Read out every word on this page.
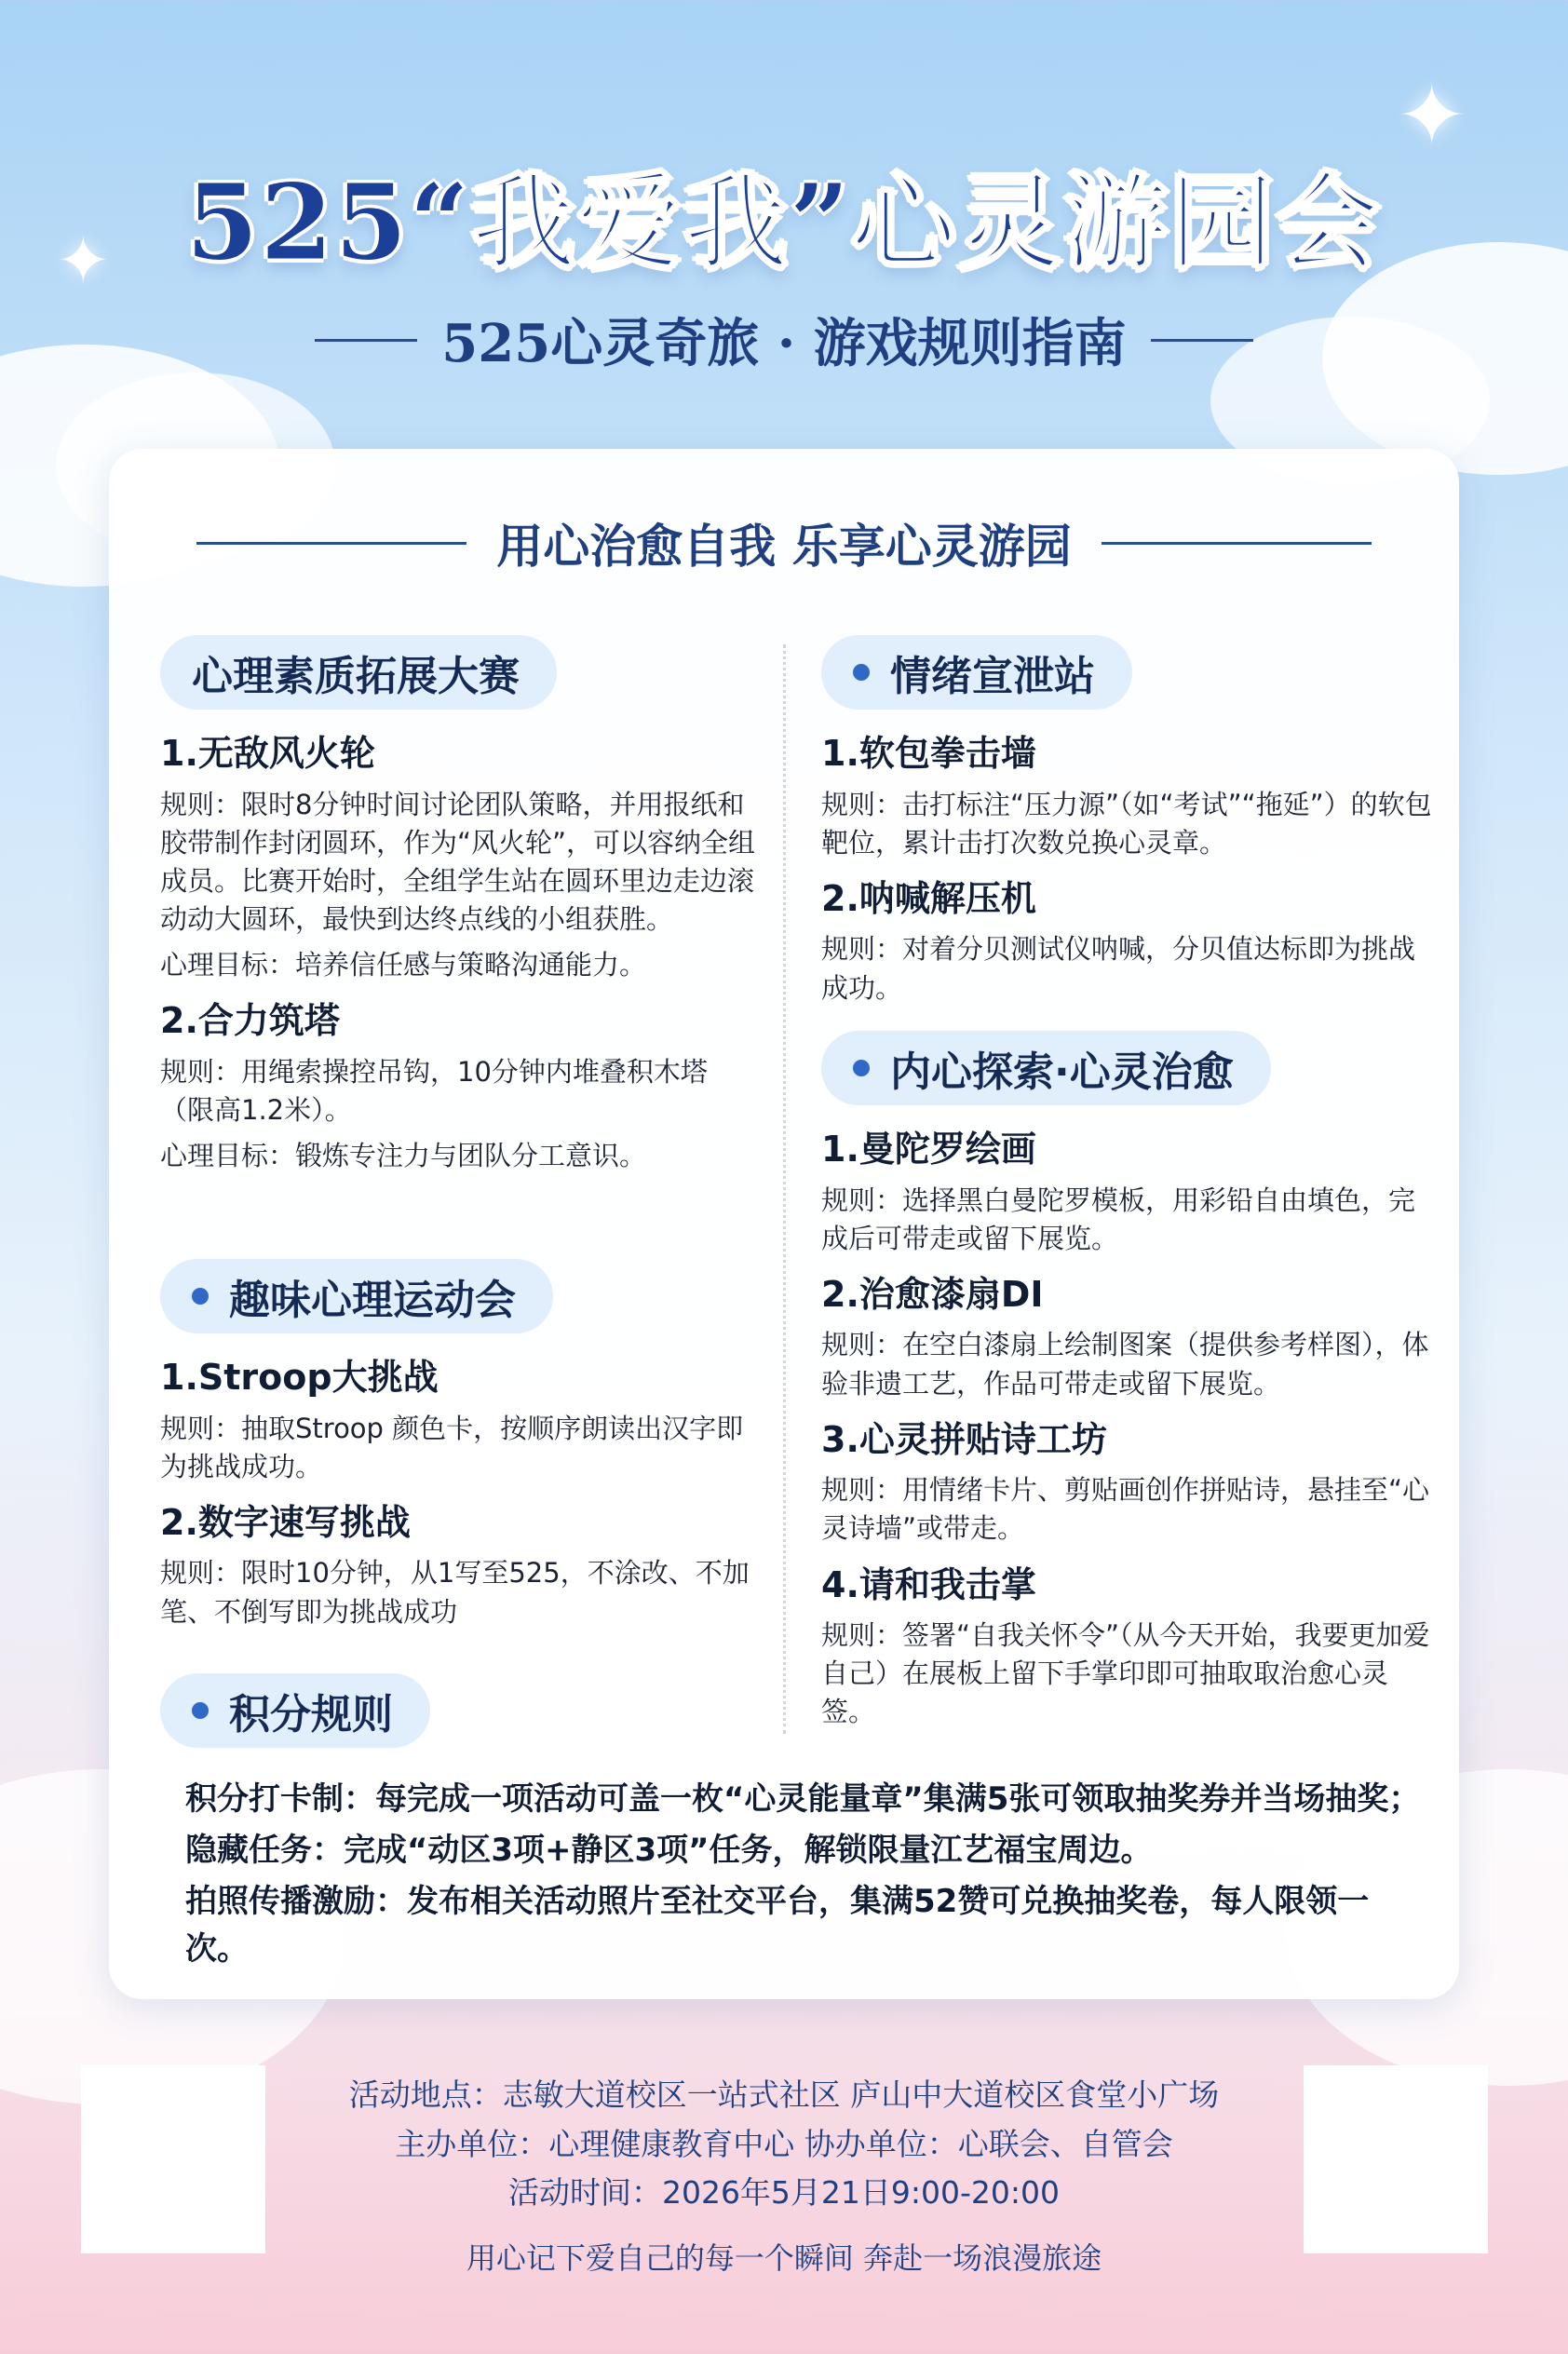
✦
✦ 525“我爱我”心灵游园会
525心灵奇旅 · 游戏规则指南
用心治愈自我 乐享心灵游园
心理素质拓展大赛
1.无敌风火轮
规则：限时8分钟时间讨论团队策略，并用报纸和胶带制作封闭圆环，作为“风火轮”，可以容纳全组成员。比赛开始时，全组学生站在圆环里边走边滚动动大圆环，最快到达终点线的小组获胜。
心理目标：培养信任感与策略沟通能力。
2.合力筑塔
规则：用绳索操控吊钩，10分钟内堆叠积木塔（限高1.2米）。
心理目标：锻炼专注力与团队分工意识。
趣味心理运动会
1.Stroop大挑战
规则：抽取Stroop 颜色卡，按顺序朗读出汉字即为挑战成功。
2.数字速写挑战
规则：限时10分钟，从1写至525，不涂改、不加笔、不倒写即为挑战成功
积分规则
情绪宣泄站
1.软包拳击墙
规则：击打标注“压力源”（如“考试”“拖延”）的软包靶位，累计击打次数兑换心灵章。
2.呐喊解压机
规则：对着分贝测试仪呐喊，分贝值达标即为挑战成功。
内心探索·心灵治愈
1.曼陀罗绘画
规则：选择黑白曼陀罗模板，用彩铅自由填色，完成后可带走或留下展览。
2.治愈漆扇DI
规则：在空白漆扇上绘制图案（提供参考样图），体验非遗工艺，作品可带走或留下展览。
3.心灵拼贴诗工坊
规则：用情绪卡片、剪贴画创作拼贴诗，悬挂至“心灵诗墙”或带走。
4.请和我击掌
规则：签署“自我关怀令”（从今天开始，我要更加爱自己）在展板上留下手掌印即可抽取取治愈心灵签。
积分打卡制：每完成一项活动可盖一枚“心灵能量章”集满5张可领取抽奖券并当场抽奖；
隐藏任务：完成“动区3项+静区3项”任务，解锁限量江艺福宝周边。
拍照传播激励：发布相关活动照片至社交平台，集满52赞可兑换抽奖卷，每人限领一次。
活动地点：志敏大道校区一站式社区 庐山中大道校区食堂小广场
主办单位：心理健康教育中心 协办单位：心联会、自管会
活动时间：2026年5月21日9:00-20:00
用心记下爱自己的每一个瞬间 奔赴一场浪漫旅途
